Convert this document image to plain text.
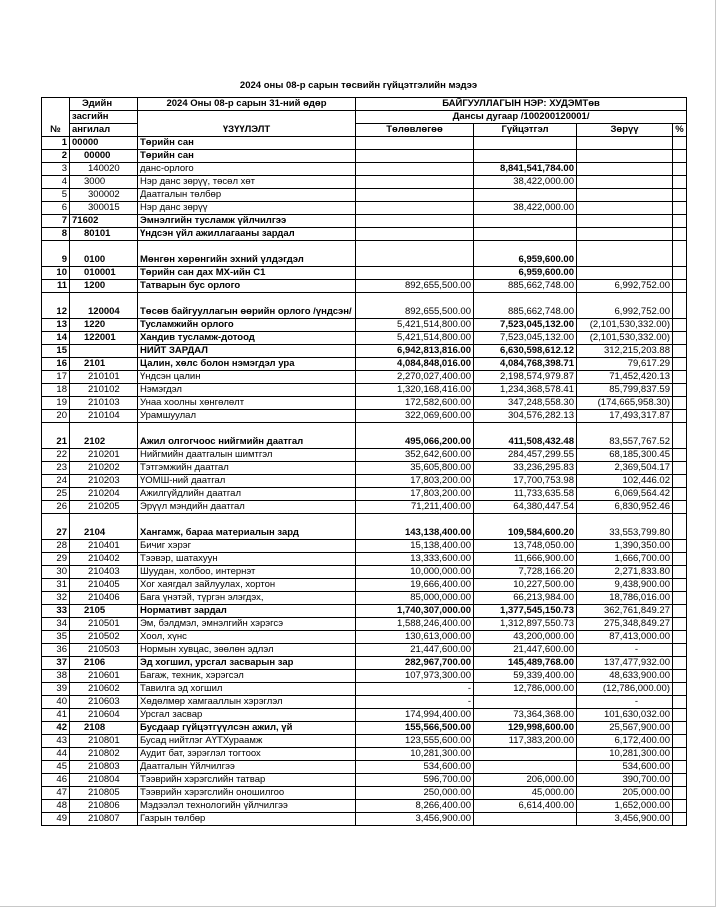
2024 оны 08-р сарын төсвийн гүйцэтгэлийн мэдээ
№	Эдийн	2024 Оны 08-р сарын 31-ний өдөр	БАЙГУУЛЛАГЫН НЭР: ХУДЭМТөв			
	засгийн	ҮЗҮҮЛЭЛТ	Дансы дугаар /100200120001/			
	ангилал		Төлөвлөгөө	Гүйцэтгэл	Зөрүү	%
1	00000	Төрийн сан				
2	00000	Төрийн сан				
3	140020	данс-орлого		8,841,541,784.00		
4	3000	Нэр данс зөрүү, төсөл хөт		38,422,000.00		
5	300002	Даатгалын төлбөр				
6	300015	Нэр данс зөрүү		38,422,000.00		
7	71602	Эмнэлгийн тусламж үйлчилгээ				
8	80101	Үндсэн үйл ажиллагааны зардал				
9	0100	Мөнгөн хөрөнгийн эхний үлдэгдэл		6,959,600.00		
10	010001	Төрийн сан дах МХ-ийн С1		6,959,600.00		
11	1200	Татварын бус орлого	892,655,500.00	885,662,748.00	6,992,752.00	
12	120004	Төсөв байгууллагын өөрийн орлого /үндсэн/	892,655,500.00	885,662,748.00	6,992,752.00	
13	1220	Тусламжийн орлого	5,421,514,800.00	7,523,045,132.00	(2,101,530,332.00)	
14	122001	Хандив тусламж-дотоод	5,421,514,800.00	7,523,045,132.00	(2,101,530,332.00)	
15		НИЙТ ЗАРДАЛ	6,942,813,816.00	6,630,598,612.12	312,215,203.88	
16	2101	Цалин, хөлс болон нэмэгдэл ура	4,084,848,016.00	4,084,768,398.71	79,617.29	
17	210101	Үндсэн цалин	2,270,027,400.00	2,198,574,979.87	71,452,420.13	
18	210102	Нэмэгдэл	1,320,168,416.00	1,234,368,578.41	85,799,837.59	
19	210103	Унаа хоолны хөнгөлөлт	172,582,600.00	347,248,558.30	(174,665,958.30)	
20	210104	Урамшуулал	322,069,600.00	304,576,282.13	17,493,317.87	
21	2102	Ажил олгогчоос нийгмийн даатгал	495,066,200.00	411,508,432.48	83,557,767.52	
22	210201	Нийгмийн даатгалын шимтгэл	352,642,600.00	284,457,299.55	68,185,300.45	
23	210202	Тэтгэмжийн даатгал	35,605,800.00	33,236,295.83	2,369,504.17	
24	210203	ҮОМШ-ний даатгал	17,803,200.00	17,700,753.98	102,446.02	
25	210204	Ажилгүйдлийн даатгал	17,803,200.00	11,733,635.58	6,069,564.42	
26	210205	Эрүүл мэндийн даатгал	71,211,400.00	64,380,447.54	6,830,952.46	
27	2104	Хангамж, бараа материалын зард	143,138,400.00	109,584,600.20	33,553,799.80	
28	210401	Бичиг хэрэг	15,138,400.00	13,748,050.00	1,390,350.00	
29	210402	Тээвэр, шатахуун	13,333,600.00	11,666,900.00	1,666,700.00	
30	210403	Шуудан, холбоо, интернэт	10,000,000.00	7,728,166.20	2,271,833.80	
31	210405	Хог хаягдал зайлуулах, хортон	19,666,400.00	10,227,500.00	9,438,900.00	
32	210406	Бага үнэтэй, түргэн элэгдэх,	85,000,000.00	66,213,984.00	18,786,016.00	
33	2105	Нормативт зардал	1,740,307,000.00	1,377,545,150.73	362,761,849.27	
34	210501	Эм, бэлдмэл, эмнэлгийн хэрэгсэ	1,588,246,400.00	1,312,897,550.73	275,348,849.27	
35	210502	Хоол, хүнс	130,613,000.00	43,200,000.00	87,413,000.00	
36	210503	Нормын хувцас, зөөлөн эдлэл	21,447,600.00	21,447,600.00	-	
37	2106	Эд хогшил, урсгал засварын зар	282,967,700.00	145,489,768.00	137,477,932.00	
38	210601	Багаж, техник, хэрэгсэл	107,973,300.00	59,339,400.00	48,633,900.00	
39	210602	Тавилга эд хогшил	-	12,786,000.00	(12,786,000.00)	
40	210603	Хөдөлмөр хамгааллын хэрэглэл	-		-	
41	210604	Урсгал засвар	174,994,400.00	73,364,368.00	101,630,032.00	
42	2108	Бусдаар гүйцэтгүүлсэн ажил, үй	155,566,500.00	129,998,600.00	25,567,900.00	
43	210801	Бусад нийтлэг АҮТХураамж	123,555,600.00	117,383,200.00	6,172,400.00	
44	210802	Аудит бат, зэрэглэл тогтоох	10,281,300.00		10,281,300.00	
45	210803	Даатгалын Үйлчилгээ	534,600.00		534,600.00	
46	210804	Тээврийн хэрэгслийн татвар	596,700.00	206,000.00	390,700.00	
47	210805	Тээврийн хэрэгслийн оношилгоо	250,000.00	45,000.00	205,000.00	
48	210806	Мэдээлэл технологийн үйлчилгээ	8,266,400.00	6,614,400.00	1,652,000.00	
49	210807	Газрын төлбөр	3,456,900.00		3,456,900.00	
